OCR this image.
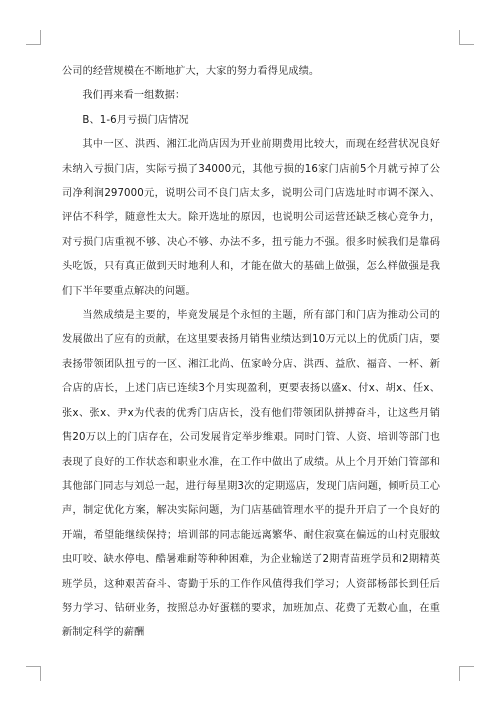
公司的经营规模在不断地扩大，大家的努力看得见成绩。

我们再来看一组数据：

B、1-6月亏损门店情况

其中一区、洪西、湘江北尚店因为开业前期费用比较大，而现在经营状况良好未纳入亏损门店，实际亏损了34000元，其他亏损的16家门店前5个月就亏掉了公司净利润297000元，说明公司不良门店太多，说明公司门店选址时市调不深入、评估不科学，随意性太大。除开选址的原因，也说明公司运营还缺乏核心竞争力，对亏损门店重视不够、决心不够、办法不多，扭亏能力不强。很多时候我们是靠码头吃饭，只有真正做到天时地利人和，才能在做大的基础上做强，怎么样做强是我们下半年要重点解决的问题。

当然成绩是主要的，毕竟发展是个永恒的主题，所有部门和门店为推动公司的发展做出了应有的贡献，在这里要表扬月销售业绩达到10万元以上的优质门店，要表扬带领团队扭亏的一区、湘江北尚、伍家岭分店、洪西、益欣、福音、一杯、新合店的店长，上述门店已连续3个月实现盈利，更要表扬以盛x、付x、胡x、任x、张x、张x、尹x为代表的优秀门店店长，没有他们带领团队拼搏奋斗，让这些月销售20万以上的门店存在，公司发展肯定举步维艰。同时门管、人资、培训等部门也表现了良好的工作状态和职业水准，在工作中做出了成绩。从上个月开始门管部和其他部门同志与刘总一起，进行每星期3次的定期巡店，发现门店问题，倾听员工心声，制定优化方案，解决实际问题，为门店基础管理水平的提升开启了一个良好的开端，希望能继续保持；培训部的同志能远离繁华、耐住寂寞在偏远的山村克服蚊虫叮咬、缺水停电、酷暑难耐等种种困难，为企业输送了2期青苗班学员和2期精英班学员，这种艰苦奋斗、寄勤于乐的工作作风值得我们学习；人资部杨部长到任后努力学习、钻研业务，按照总办好蛋糕的要求，加班加点、花费了无数心血，在重新制定科学的薪酬
